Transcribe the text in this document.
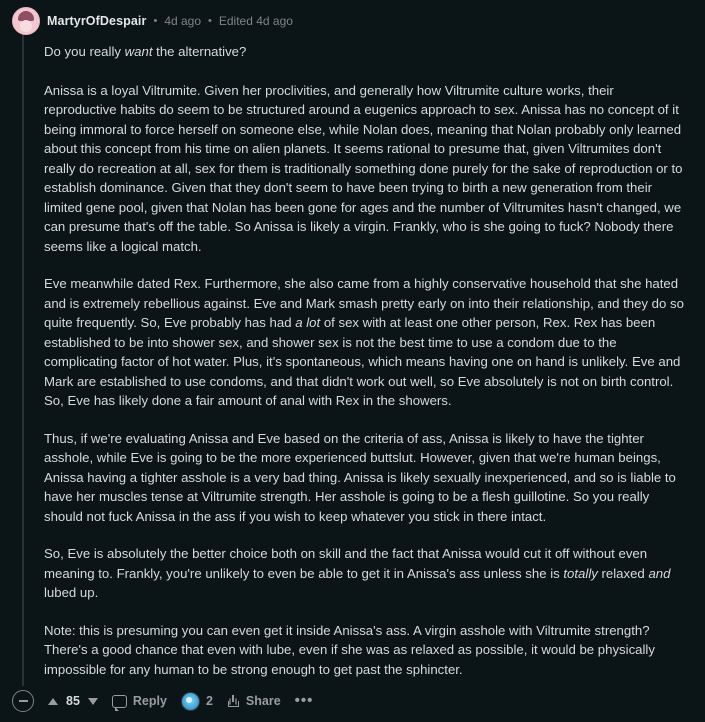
MartyrOfDespair • 4d ago • Edited 4d ago

Do you really want the alternative?

Anissa is a loyal Viltrumite. Given her proclivities, and generally how Viltrumite culture works, their reproductive habits do seem to be structured around a eugenics approach to sex. Anissa has no concept of it being immoral to force herself on someone else, while Nolan does, meaning that Nolan probably only learned about this concept from his time on alien planets. It seems rational to presume that, given Viltrumites don't really do recreation at all, sex for them is traditionally something done purely for the sake of reproduction or to establish dominance. Given that they don't seem to have been trying to birth a new generation from their limited gene pool, given that Nolan has been gone for ages and the number of Viltrumites hasn't changed, we can presume that's off the table. So Anissa is likely a virgin. Frankly, who is she going to fuck? Nobody there seems like a logical match.

Eve meanwhile dated Rex. Furthermore, she also came from a highly conservative household that she hated and is extremely rebellious against. Eve and Mark smash pretty early on into their relationship, and they do so quite frequently. So, Eve probably has had a lot of sex with at least one other person, Rex. Rex has been established to be into shower sex, and shower sex is not the best time to use a condom due to the complicating factor of hot water. Plus, it's spontaneous, which means having one on hand is unlikely. Eve and Mark are established to use condoms, and that didn't work out well, so Eve absolutely is not on birth control. So, Eve has likely done a fair amount of anal with Rex in the showers.

Thus, if we're evaluating Anissa and Eve based on the criteria of ass, Anissa is likely to have the tighter asshole, while Eve is going to be the more experienced buttslut. However, given that we're human beings, Anissa having a tighter asshole is a very bad thing. Anissa is likely sexually inexperienced, and so is liable to have her muscles tense at Viltrumite strength. Her asshole is going to be a flesh guillotine. So you really should not fuck Anissa in the ass if you wish to keep whatever you stick in there intact.

So, Eve is absolutely the better choice both on skill and the fact that Anissa would cut it off without even meaning to. Frankly, you're unlikely to even be able to get it in Anissa's ass unless she is totally relaxed and lubed up.

Note: this is presuming you can even get it inside Anissa's ass. A virgin asshole with Viltrumite strength? There's a good chance that even with lube, even if she was as relaxed as possible, it would be physically impossible for any human to be strong enough to get past the sphincter.

85	Reply	2	Share •••
